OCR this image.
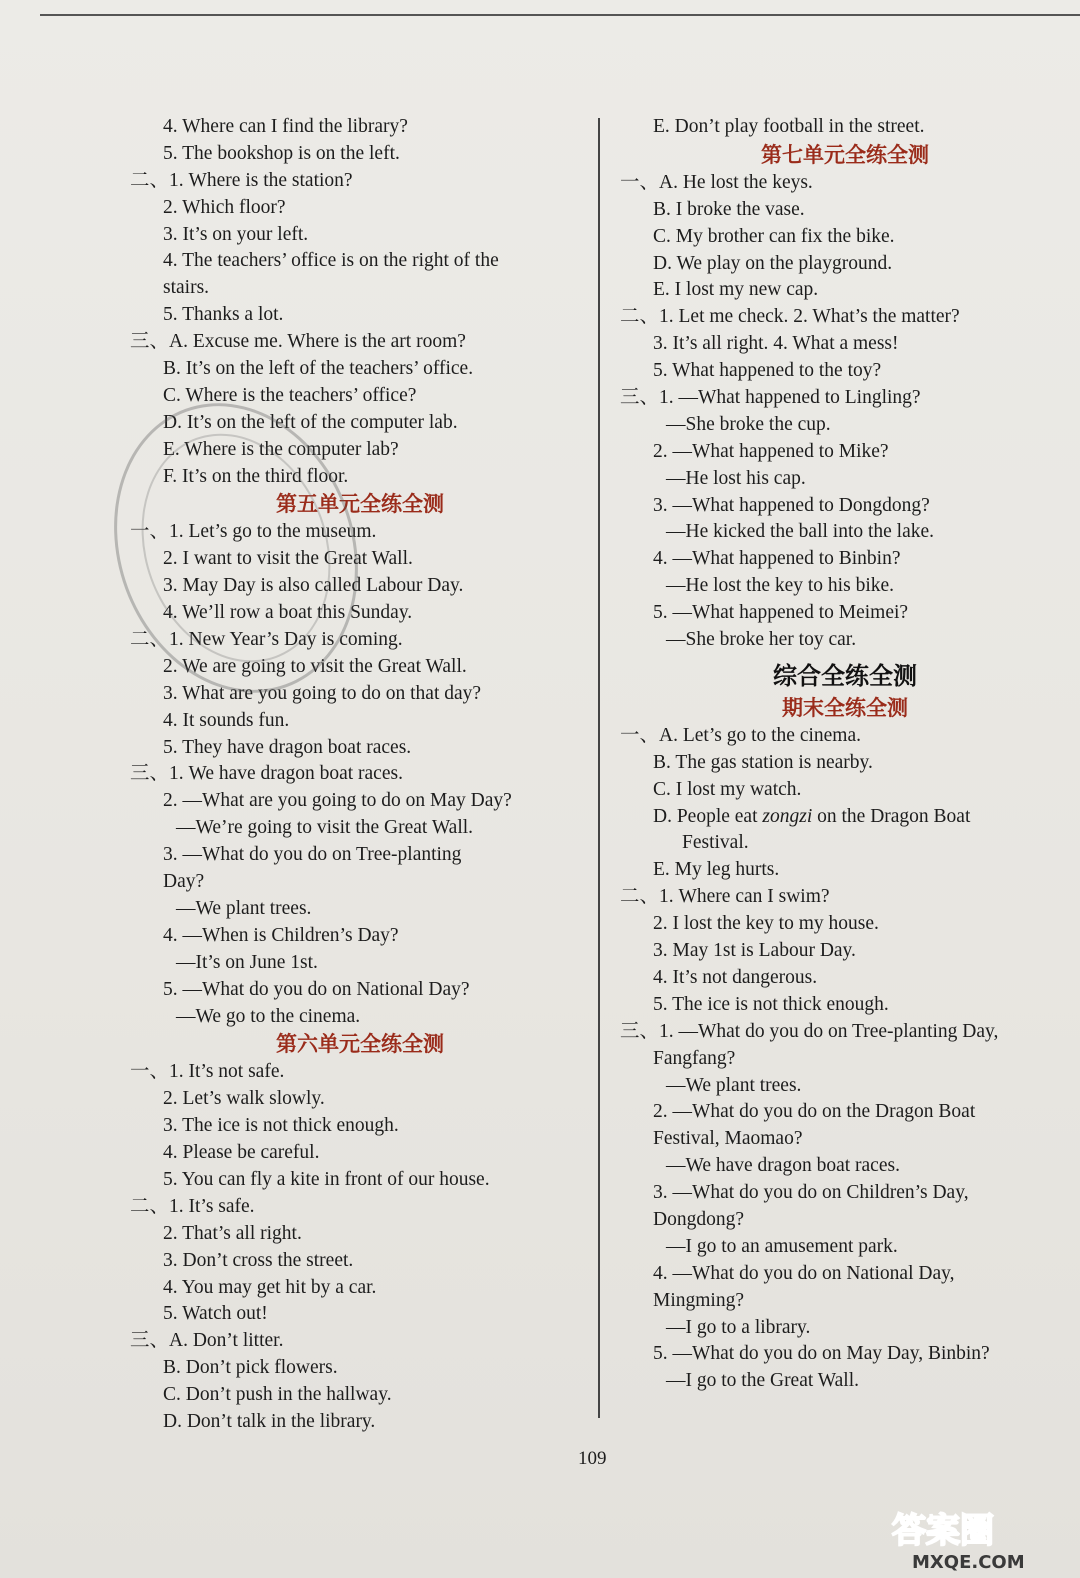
4. Where can I find the library?
5. The bookshop is on the left.
二、1. Where is the station?
2. Which floor?
3. It’s on your left.
4. The teachers’ office is on the right of the
stairs.
5. Thanks a lot.
三、A. Excuse me. Where is the art room?
B. It’s on the left of the teachers’ office.
C. Where is the teachers’ office?
D. It’s on the left of the computer lab.
E. Where is the computer lab?
F. It’s on the third floor.
第五单元全练全测
一、1. Let’s go to the museum.
2. I want to visit the Great Wall.
3. May Day is also called Labour Day.
4. We’ll row a boat this Sunday.
二、1. New Year’s Day is coming.
2. We are going to visit the Great Wall.
3. What are you going to do on that day?
4. It sounds fun.
5. They have dragon boat races.
三、1. We have dragon boat races.
2. —What are you going to do on May Day?
—We’re going to visit the Great Wall.
3. —What do you do on Tree-planting
Day?
—We plant trees.
4. —When is Children’s Day?
—It’s on June 1st.
5. —What do you do on National Day?
—We go to the cinema.
第六单元全练全测
一、1. It’s not safe.
2. Let’s walk slowly.
3. The ice is not thick enough.
4. Please be careful.
5. You can fly a kite in front of our house.
二、1. It’s safe.
2. That’s all right.
3. Don’t cross the street.
4. You may get hit by a car.
5. Watch out!
三、A. Don’t litter.
B. Don’t pick flowers.
C. Don’t push in the hallway.
D. Don’t talk in the library.
E. Don’t play football in the street.
第七单元全练全测
一、A. He lost the keys.
B. I broke the vase.
C. My brother can fix the bike.
D. We play on the playground.
E. I lost my new cap.
二、1. Let me check. 2. What’s the matter?
3. It’s all right. 4. What a mess!
5. What happened to the toy?
三、1. —What happened to Lingling?
—She broke the cup.
2. —What happened to Mike?
—He lost his cap.
3. —What happened to Dongdong?
—He kicked the ball into the lake.
4. —What happened to Binbin?
—He lost the key to his bike.
5. —What happened to Meimei?
—She broke her toy car.
综合全练全测
期末全练全测
一、A. Let’s go to the cinema.
B. The gas station is nearby.
C. I lost my watch.
D. People eat zongzi on the Dragon Boat
Festival.
E. My leg hurts.
二、1. Where can I swim?
2. I lost the key to my house.
3. May 1st is Labour Day.
4. It’s not dangerous.
5. The ice is not thick enough.
三、1. —What do you do on Tree-planting Day,
Fangfang?
—We plant trees.
2. —What do you do on the Dragon Boat
Festival, Maomao?
—We have dragon boat races.
3. —What do you do on Children’s Day,
Dongdong?
—I go to an amusement park.
4. —What do you do on National Day,
Mingming?
—I go to a library.
5. —What do you do on May Day, Binbin?
—I go to the Great Wall.
109
答案圈
MXQE.COM
